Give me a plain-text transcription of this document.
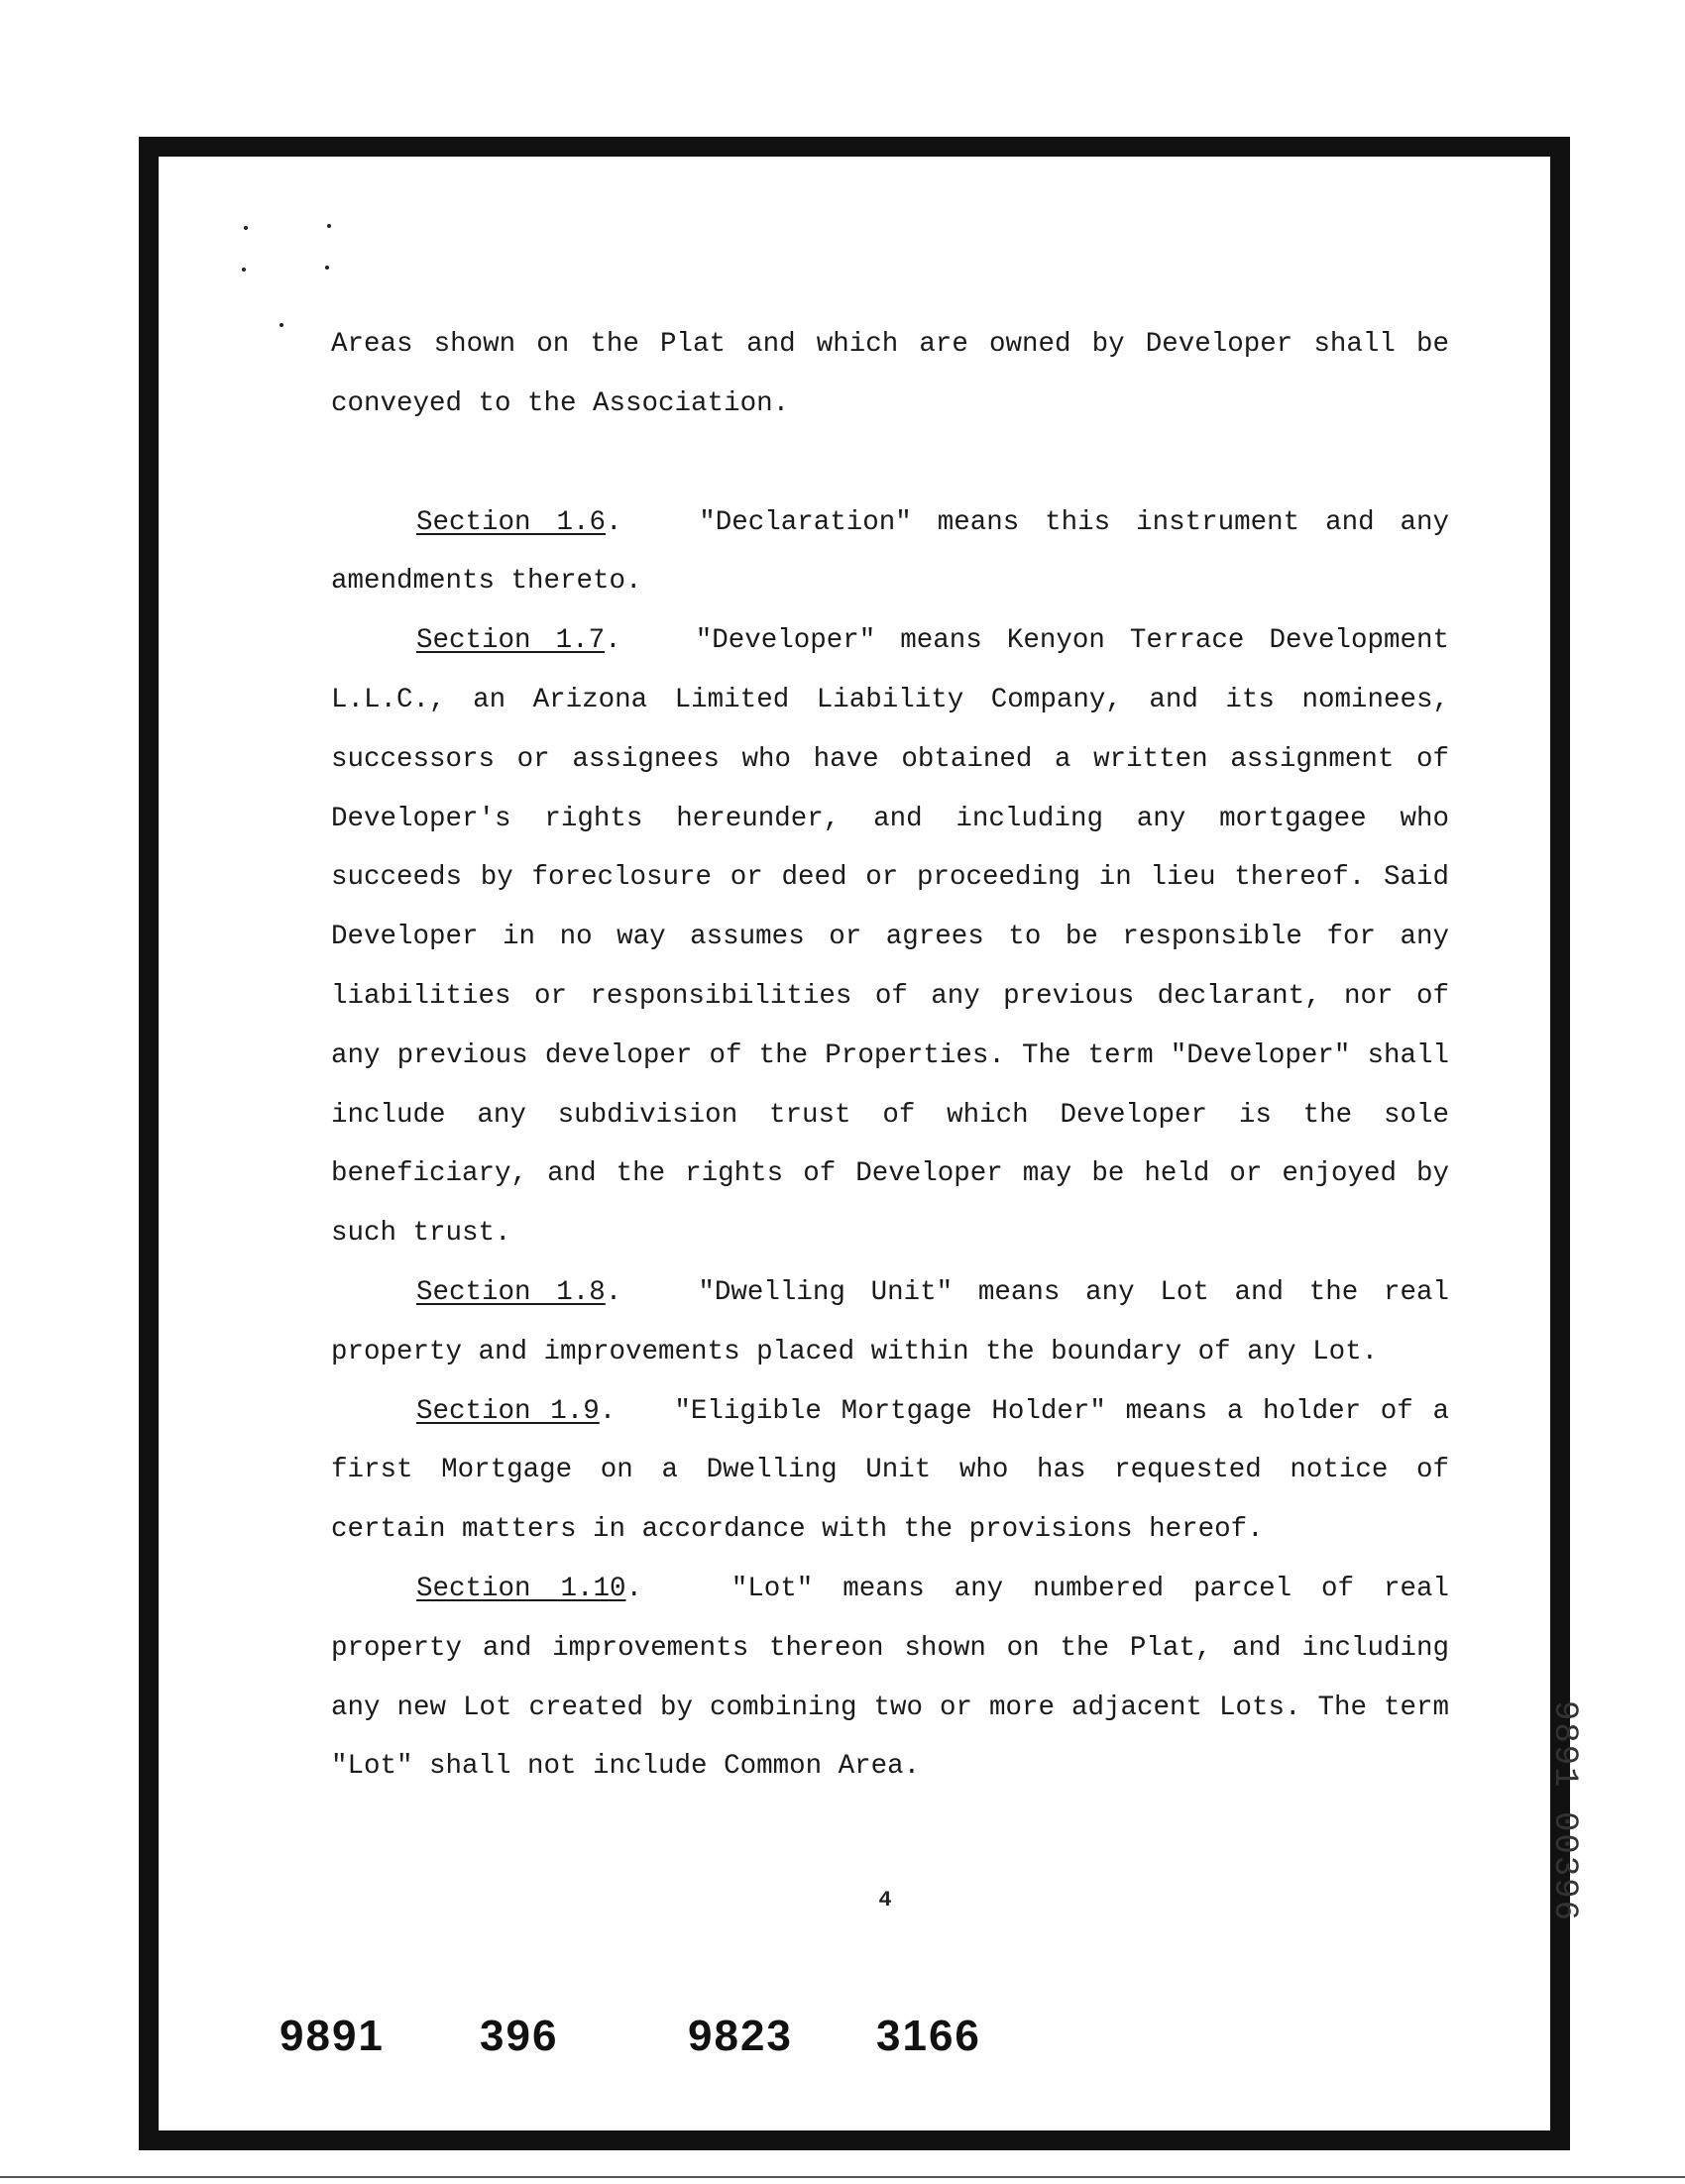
Areas shown on the Plat and which are owned by Developer shall be conveyed to the Association.

Section 1.6.   "Declaration" means this instrument and any amendments thereto.

Section 1.7.   "Developer" means Kenyon Terrace Development L.L.C., an Arizona Limited Liability Company, and its nominees, successors or assignees who have obtained a written assignment of Developer's rights hereunder, and including any mortgagee who succeeds by foreclosure or deed or proceeding in lieu thereof. Said Developer in no way assumes or agrees to be responsible for any liabilities or responsibilities of any previous declarant, nor of any previous developer of the Properties. The term "Developer" shall include any subdivision trust of which Developer is the sole beneficiary, and the rights of Developer may be held or enjoyed by such trust.

Section 1.8.   "Dwelling Unit" means any Lot and the real property and improvements placed within the boundary of any Lot.

Section 1.9.   "Eligible Mortgage Holder" means a holder of a first Mortgage on a Dwelling Unit who has requested notice of certain matters in accordance with the provisions hereof.

Section 1.10.   "Lot" means any numbered parcel of real property and improvements thereon shown on the Plat, and including any new Lot created by combining two or more adjacent Lots. The term "Lot" shall not include Common Area.

4
9891 396	9823 3166
9891 00396
